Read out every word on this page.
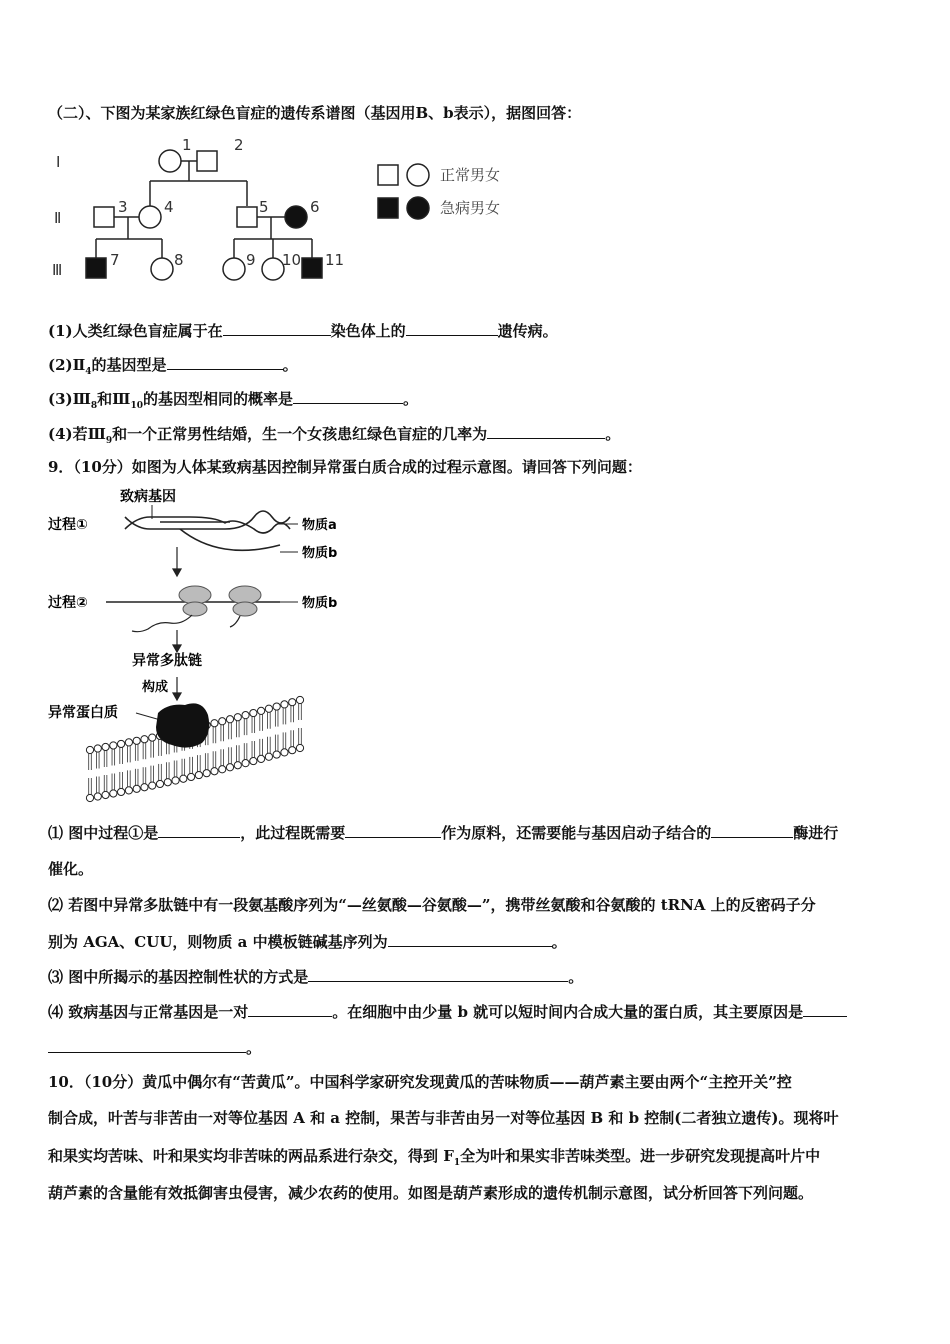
（二）、下图为某家族红绿色盲症的遗传系谱图（基因用B、b表示），据图回答：
Ⅰ
Ⅱ
Ⅲ
1	2
3 4	5	6
7	8	9 10 11
正常男女
急病男女
(1)人类红绿色盲症属于在	染色体上的	遗传病。
$(2)Ⅱ_4$的基因型是	。
$(3)Ⅲ_8$和$Ⅲ_{10}$的基因型相同的概率是	。
(4)若$Ⅲ_9$和一个正常男性结婚，生一个女孩患红绿色盲症的几率为	。
9．（10分）如图为人体某致病基因控制异常蛋白质合成的过程示意图。请回答下列问题：
致病基因
过程①	物质a
物质b
过程②	物质b
异常多肽链
构成
异常蛋白质
⑴ 图中过程①是	，此过程既需要	作为原料，还需要能与基因启动子结合的	酶进行
催化。
⑵ 若图中异常多肽链中有一段氨基酸序列为“—丝氨酸—谷氨酸—”，携带丝氨酸和谷氨酸的 tRNA 上的反密码子分
别为 AGA、CUU，则物质 a 中模板链碱基序列为	。
⑶ 图中所揭示的基因控制性状的方式是	。
⑷ 致病基因与正常基因是一对	。在细胞中由少量 b 就可以短时间内合成大量的蛋白质，其主要原因是
。
10．（10分）黄瓜中偶尔有“苦黄瓜”。中国科学家研究发现黄瓜的苦味物质——葫芦素主要由两个“主控开关”控
制合成，叶苦与非苦由一对等位基因 A 和 a 控制，果苦与非苦由另一对等位基因 B 和 b 控制(二者独立遗传)。现将叶
和果实均苦味、叶和果实均非苦味的两品系进行杂交，得到 $F_1$全为叶和果实非苦味类型。进一步研究发现提高叶片中
葫芦素的含量能有效抵御害虫侵害，减少农药的使用。如图是葫芦素形成的遗传机制示意图，试分析回答下列问题。
